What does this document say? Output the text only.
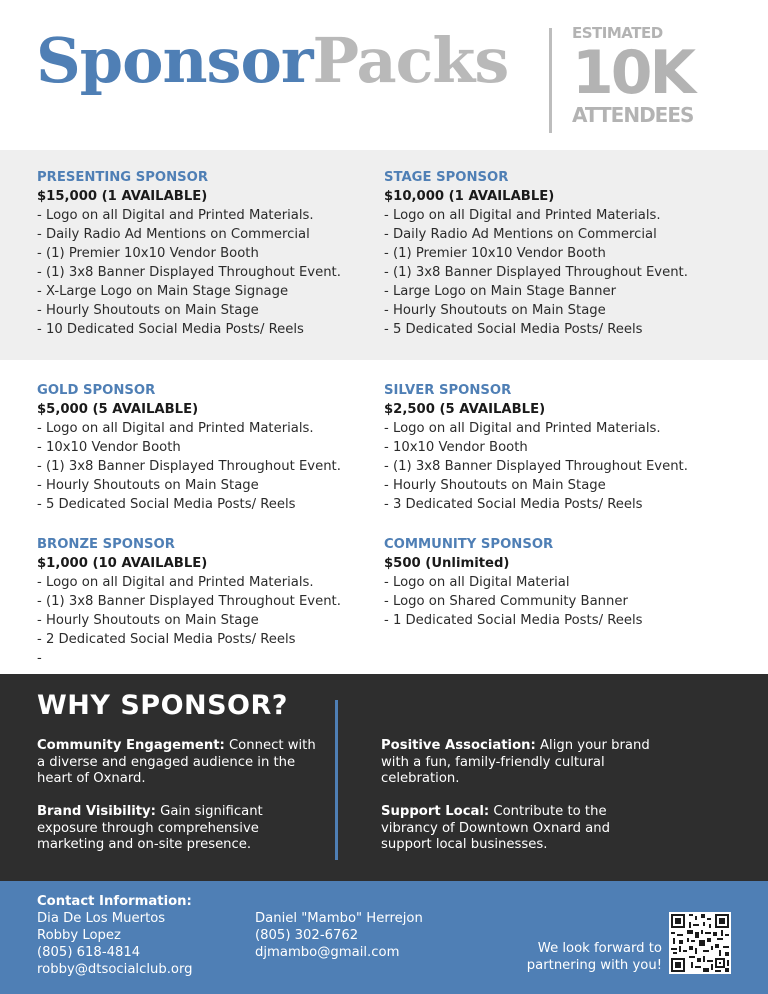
SponsorPacks	ESTIMATED
10K
ATTENDEES
PRESENTING SPONSOR
$15,000 (1 AVAILABLE)
- Logo on all Digital and Printed Materials.
- Daily Radio Ad Mentions on Commercial
- (1) Premier 10x10 Vendor Booth
- (1) 3x8 Banner Displayed Throughout Event.
- X-Large Logo on Main Stage Signage
- Hourly Shoutouts on Main Stage
- 10 Dedicated Social Media Posts/ Reels
STAGE SPONSOR
$10,000 (1 AVAILABLE)
- Logo on all Digital and Printed Materials.
- Daily Radio Ad Mentions on Commercial
- (1) Premier 10x10 Vendor Booth
- (1) 3x8 Banner Displayed Throughout Event.
- Large Logo on Main Stage Banner
- Hourly Shoutouts on Main Stage
- 5 Dedicated Social Media Posts/ Reels
GOLD SPONSOR
$5,000 (5 AVAILABLE)
- Logo on all Digital and Printed Materials.
- 10x10 Vendor Booth
- (1) 3x8 Banner Displayed Throughout Event.
- Hourly Shoutouts on Main Stage
- 5 Dedicated Social Media Posts/ Reels
SILVER SPONSOR
$2,500 (5 AVAILABLE)
- Logo on all Digital and Printed Materials.
- 10x10 Vendor Booth
- (1) 3x8 Banner Displayed Throughout Event.
- Hourly Shoutouts on Main Stage
- 3 Dedicated Social Media Posts/ Reels
BRONZE SPONSOR
$1,000 (10 AVAILABLE)
- Logo on all Digital and Printed Materials.
- (1) 3x8 Banner Displayed Throughout Event.
- Hourly Shoutouts on Main Stage
- 2 Dedicated Social Media Posts/ Reels
-
COMMUNITY SPONSOR
$500 (Unlimited)
- Logo on all Digital Material
- Logo on Shared Community Banner
- 1 Dedicated Social Media Posts/ Reels
WHY SPONSOR?
Community Engagement: Connect with a diverse and engaged audience in the heart of Oxnard.
Brand Visibility: Gain significant exposure through comprehensive marketing and on-site presence.
Positive Association: Align your brand with a fun, family-friendly cultural celebration.
Support Local: Contribute to the vibrancy of Downtown Oxnard and support local businesses.
Contact Information:
Dia De Los Muertos
Robby Lopez
(805) 618-4814
robby@dtsocialclub.org
Daniel "Mambo" Herrejon
(805) 302-6762
djmambo@gmail.com	We look forward to
partnering with you!
